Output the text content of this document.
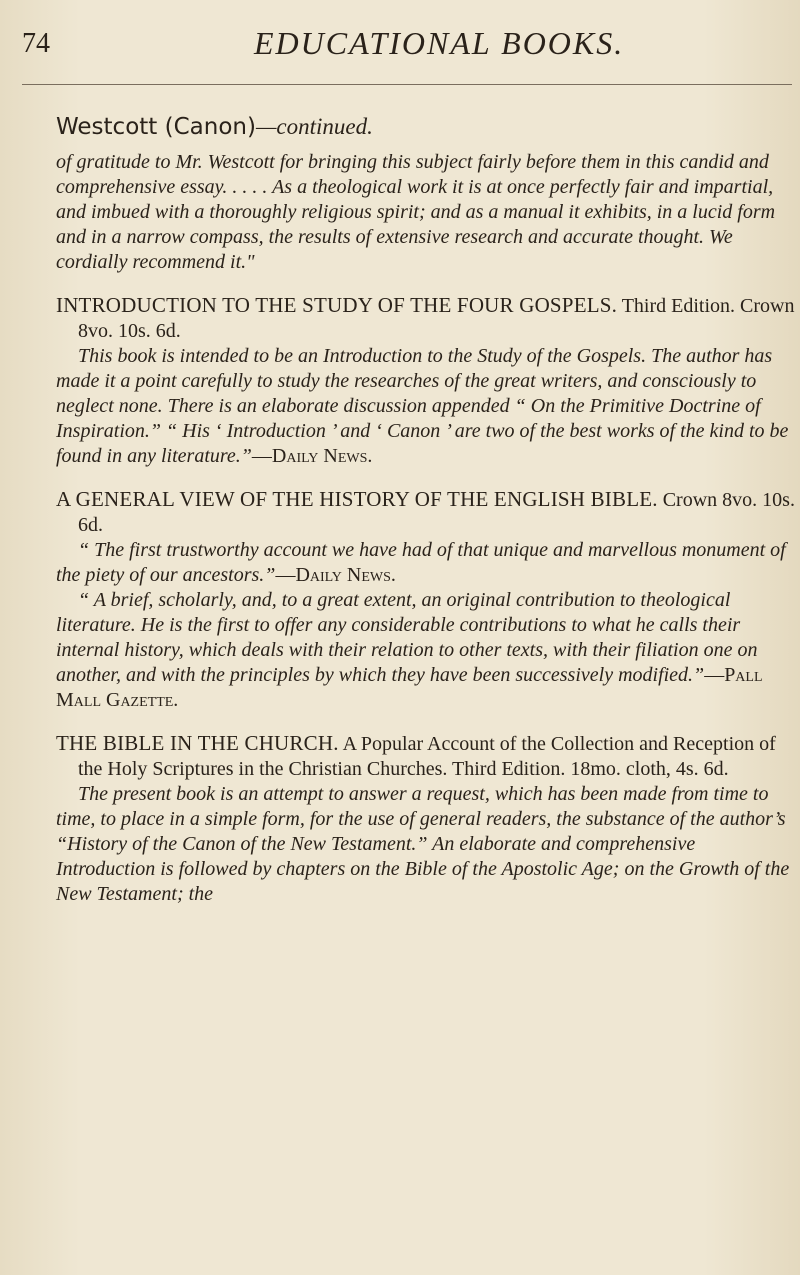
74	EDUCATIONAL BOOKS.
Westcott (Canon)—continued.

of gratitude to Mr. Westcott for bringing this subject fairly before them in this candid and comprehensive essay. . . . . As a theological work it is at once perfectly fair and impartial, and imbued with a thoroughly religious spirit; and as a manual it exhibits, in a lucid form and in a narrow compass, the results of extensive research and accurate thought. We cordially recommend it."

INTRODUCTION TO THE STUDY OF THE FOUR GOSPELS. Third Edition. Crown 8vo. 10s. 6d.

This book is intended to be an Introduction to the Study of the Gospels. The author has made it a point carefully to study the researches of the great writers, and consciously to neglect none. There is an elaborate discussion appended “ On the Primitive Doctrine of Inspiration.” “ His ‘ Introduction ’ and ‘ Canon ’ are two of the best works of the kind to be found in any literature.”—Daily News.

A GENERAL VIEW OF THE HISTORY OF THE ENGLISH BIBLE. Crown 8vo. 10s. 6d.

“ The first trustworthy account we have had of that unique and marvellous monument of the piety of our ancestors.”—Daily News.

“ A brief, scholarly, and, to a great extent, an original contribution to theological literature. He is the first to offer any considerable contributions to what he calls their internal history, which deals with their relation to other texts, with their filiation one on another, and with the principles by which they have been successively modified.”—Pall Mall Gazette.

THE BIBLE IN THE CHURCH. A Popular Account of the Collection and Reception of the Holy Scriptures in the Christian Churches. Third Edition. 18mo. cloth, 4s. 6d.

The present book is an attempt to answer a request, which has been made from time to time, to place in a simple form, for the use of general readers, the substance of the author’s “History of the Canon of the New Testament.” An elaborate and comprehensive Introduction is followed by chapters on the Bible of the Apostolic Age; on the Growth of the New Testament; the
